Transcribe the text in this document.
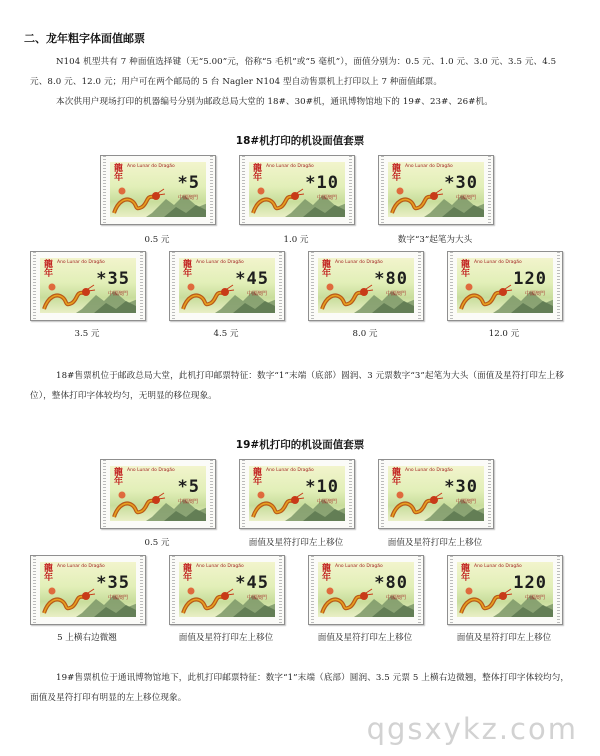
二、龙年粗字体面值邮票
N104 机型共有 7 种面值选择键（无“5.00”元，俗称“5 毛机”或“5 毫机”），面值分别为：0.5 元、1.0 元、3.0 元、3.5 元、4.5 元、8.0 元、12.0 元；用户可在两个邮局的 5 台 Nagler N104 型自动售票机上打印以上 7 种面值邮票。
本次供用户现场打印的机器编号分别为邮政总局大堂的 18#、30#机，通讯博物馆地下的 19#、23#、26#机。
18#机打印的机设面值套票
龍年
Ano Lunar do Dragão
*5
中國澳門
0.5 元
龍年
Ano Lunar do Dragão
*10
中國澳門
1.0 元
龍年
Ano Lunar do Dragão
*30
中國澳門
数字“3”起笔为大头
龍年
Ano Lunar do Dragão
*35
中國澳門
3.5 元
龍年
Ano Lunar do Dragão
*45
中國澳門
4.5 元
龍年
Ano Lunar do Dragão
*80
中國澳門
8.0 元
龍年
Ano Lunar do Dragão
120
中國澳門
12.0 元
18#售票机位于邮政总局大堂，此机打印邮票特征：数字“1”末端（底部）圆润、3 元票数字“3”起笔为大头（面值及星符打印左上移位），整体打印字体较均匀，无明显的移位现象。
19#机打印的机设面值套票
龍年
Ano Lunar do Dragão
*5
中國澳門
0.5 元
龍年
Ano Lunar do Dragão
*10
中國澳門
面值及星符打印左上移位
龍年
Ano Lunar do Dragão
*30
中國澳門
面值及星符打印左上移位
龍年
Ano Lunar do Dragão
*35
中國澳門
5 上横右边微翘
龍年
Ano Lunar do Dragão
*45
中國澳門
面值及星符打印左上移位
龍年
Ano Lunar do Dragão
*80
中國澳門
面值及星符打印左上移位
龍年
Ano Lunar do Dragão
120
中國澳門
面值及星符打印左上移位
19#售票机位于通讯博物馆地下，此机打印邮票特征：数字“1”末端（底部）圆润、3.5 元票 5 上横右边微翘，整体打印字体较均匀，面值及星符打印有明显的左上移位现象。
qgsxykz.com
